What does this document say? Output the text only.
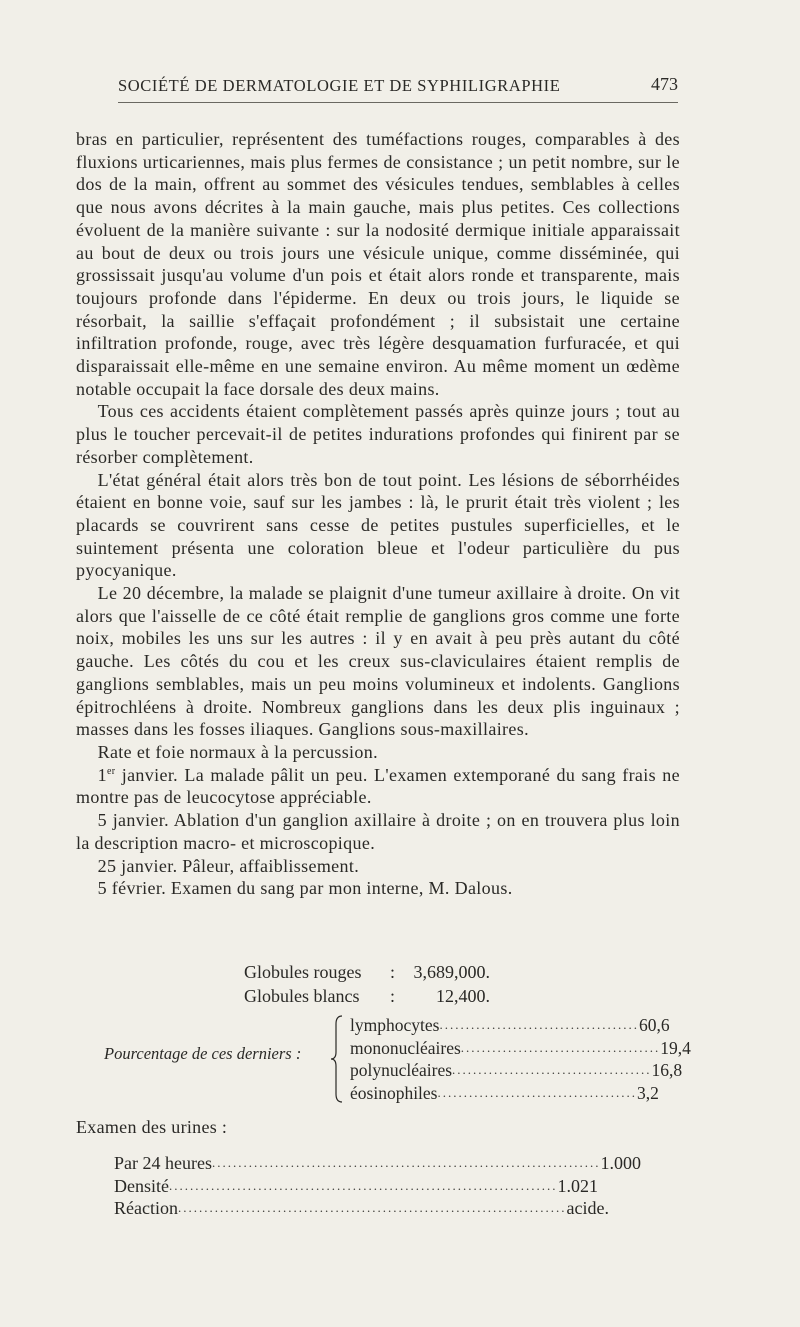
SOCIÉTÉ DE DERMATOLOGIE ET DE SYPHILIGRAPHIE	473

bras en particulier, représentent des tuméfactions rouges, comparables à des fluxions urticariennes, mais plus fermes de consistance ; un petit nombre, sur le dos de la main, offrent au sommet des vésicules tendues, semblables à celles que nous avons décrites à la main gauche, mais plus petites. Ces collections évoluent de la manière suivante : sur la nodosité dermique initiale apparaissait au bout de deux ou trois jours une vésicule unique, comme disséminée, qui grossissait jusqu'au volume d'un pois et était alors ronde et transparente, mais toujours profonde dans l'épiderme. En deux ou trois jours, le liquide se résorbait, la saillie s'effaçait profondément ; il subsistait une certaine infiltration profonde, rouge, avec très légère desquamation furfuracée, et qui disparaissait elle-même en une semaine environ. Au même moment un œdème notable occupait la face dorsale des deux mains.

Tous ces accidents étaient complètement passés après quinze jours ; tout au plus le toucher percevait-il de petites indurations profondes qui finirent par se résorber complètement.

L'état général était alors très bon de tout point. Les lésions de séborrhéides étaient en bonne voie, sauf sur les jambes : là, le prurit était très violent ; les placards se couvrirent sans cesse de petites pustules superficielles, et le suintement présenta une coloration bleue et l'odeur particulière du pus pyocyanique.

Le 20 décembre, la malade se plaignit d'une tumeur axillaire à droite. On vit alors que l'aisselle de ce côté était remplie de ganglions gros comme une forte noix, mobiles les uns sur les autres : il y en avait à peu près autant du côté gauche. Les côtés du cou et les creux sus-claviculaires étaient remplis de ganglions semblables, mais un peu moins volumineux et indolents. Ganglions épitrochléens à droite. Nombreux ganglions dans les deux plis inguinaux ; masses dans les fosses iliaques. Ganglions sous-maxillaires.

Rate et foie normaux à la percussion.

1er janvier. La malade pâlit un peu. L'examen extemporané du sang frais ne montre pas de leucocytose appréciable.

5 janvier. Ablation d'un ganglion axillaire à droite ; on en trouvera plus loin la description macro- et microscopique.

25 janvier. Pâleur, affaiblissement.

5 février. Examen du sang par mon interne, M. Dalous.

Globules rouges	:	3,689,000.
Globules blancs	:	12,400.
Pourcentage de ces derniers :
lymphocytes ...................................... 60,6
mononucléaires ...................................... 19,4
polynucléaires ...................................... 16,8
éosinophiles ...................................... 3,2
Examen des urines :
Par 24 heures .......................................................................... 1.000
Densité .......................................................................... 1.021
Réaction .......................................................................... acide.
